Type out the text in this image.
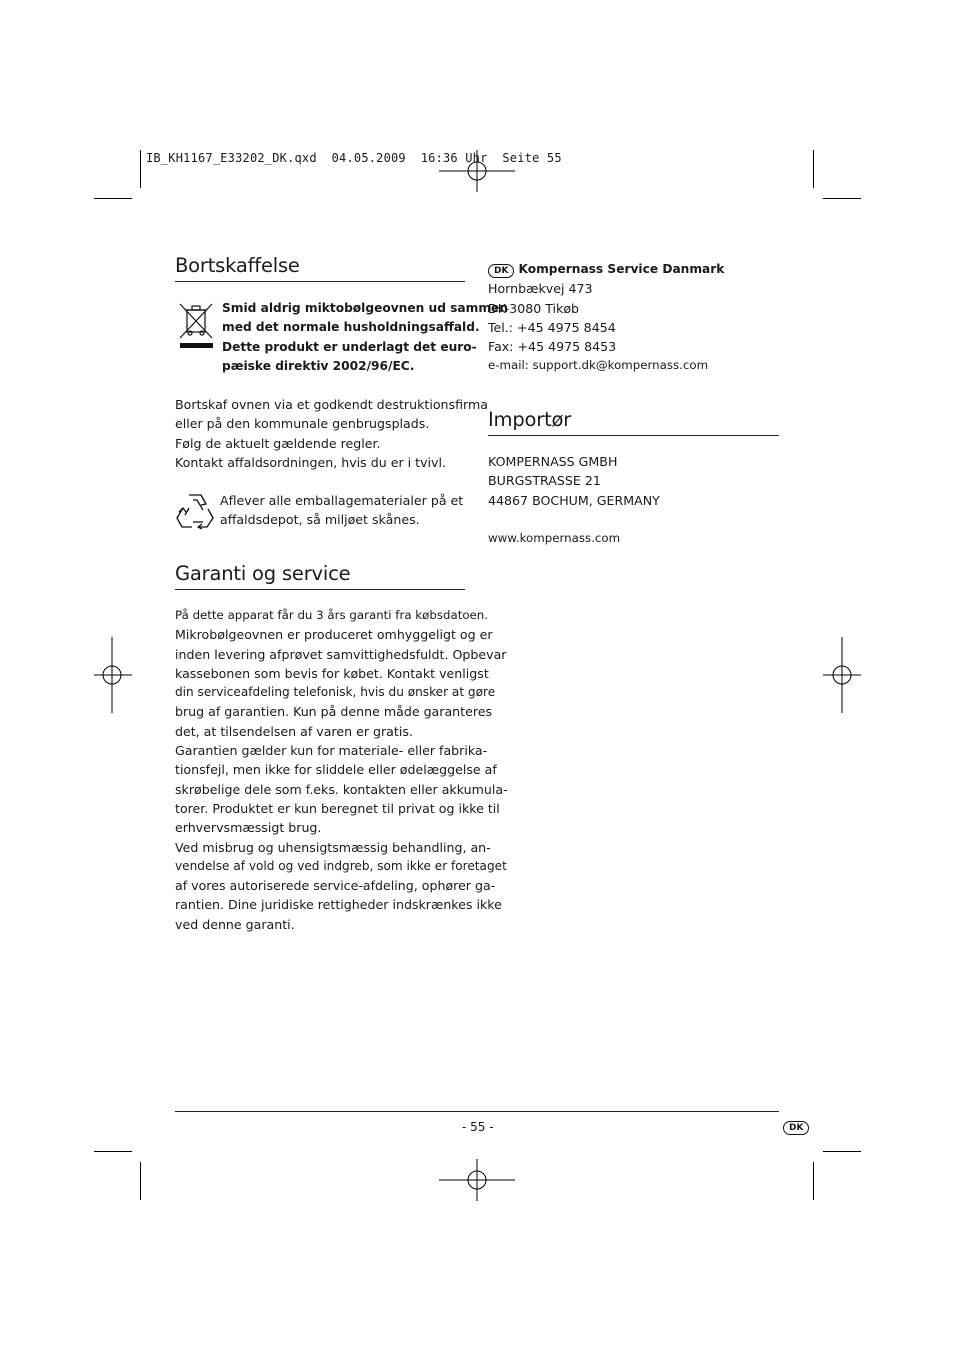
IB_KH1167_E33202_DK.qxd  04.05.2009  16:36 Uhr  Seite 55
Bortskaffelse
Smid aldrig miktobølgeovnen ud sammen
med det normale husholdningsaffald.
Dette produkt er underlagt det euro-
pæiske direktiv 2002/96/EC.
Bortskaf ovnen via et godkendt destruktionsfirma
eller på den kommunale genbrugsplads.
Følg de aktuelt gældende regler.
Kontakt affaldsordningen, hvis du er i tvivl.
Aflever alle emballagematerialer på et
affaldsdepot, så miljøet skånes.
Garanti og service
På dette apparat får du 3 års garanti fra købsdatoen.
Mikrobølgeovnen er produceret omhyggeligt og er
inden levering afprøvet samvittighedsfuldt. Opbevar
kassebonen som bevis for købet. Kontakt venligst
din serviceafdeling telefonisk, hvis du ønsker at gøre
brug af garantien. Kun på denne måde garanteres
det, at tilsendelsen af varen er gratis.
Garantien gælder kun for materiale- eller fabrika-
tionsfejl, men ikke for sliddele eller ødelæggelse af
skrøbelige dele som f.eks. kontakten eller akkumula-
torer. Produktet er kun beregnet til privat og ikke til
erhvervsmæssigt brug.
Ved misbrug og uhensigtsmæssig behandling, an-
vendelse af vold og ved indgreb, som ikke er foretaget
af vores autoriserede service-afdeling, ophører ga-
rantien. Dine juridiske rettigheder indskrænkes ikke
ved denne garanti.
DK Kompernass Service Danmark
Hornbækvej 473
DK-3080 Tikøb
Tel.: +45 4975 8454
Fax: +45 4975 8453
e-mail: support.dk@kompernass.com
Importør
KOMPERNASS GMBH
BURGSTRASSE 21
44867 BOCHUM, GERMANY
www.kompernass.com
- 55 -	DK
